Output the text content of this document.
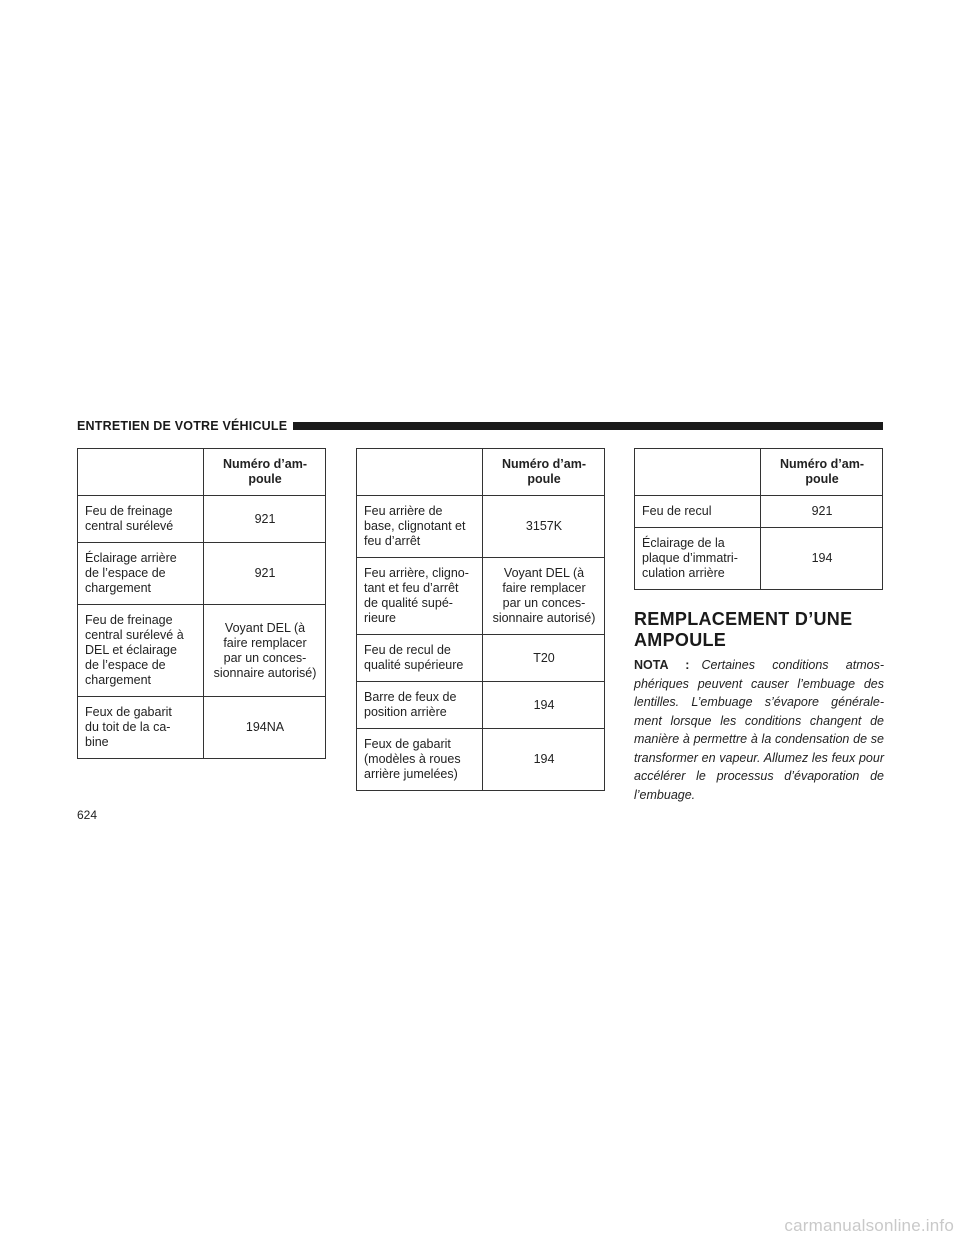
ENTRETIEN DE VOTRE VÉHICULE
	Numéro d’am-
poule
Feu de freinage
central surélevé	921
Éclairage arrière
de l’espace de
chargement	921
Feu de freinage
central surélevé à
DEL et éclairage
de l’espace de
chargement	Voyant DEL (à
faire remplacer
par un conces-
sionnaire autorisé)
Feux de gabarit
du toit de la ca-
bine	194NA
	Numéro d’am-
poule
Feu arrière de
base, clignotant et
feu d’arrêt	3157K
Feu arrière, cligno-
tant et feu d’arrêt
de qualité supé-
rieure	Voyant DEL (à
faire remplacer
par un conces-
sionnaire autorisé)
Feu de recul de
qualité supérieure	T20
Barre de feux de
position arrière	194
Feux de gabarit
(modèles à roues
arrière jumelées)	194
	Numéro d’am-
poule
Feu de recul	921
Éclairage de la
plaque d’immatri-
culation arrière	194
REMPLACEMENT D’UNE AMPOULE
NOTA : Certaines conditions atmos-phériques peuvent causer l’embuage des lentilles. L’embuage s’évapore générale-ment lorsque les conditions changent de manière à permettre à la condensation de se transformer en vapeur. Allumez les feux pour accélérer le processus d’évaporation de l’embuage.
624
carmanualsonline.info
